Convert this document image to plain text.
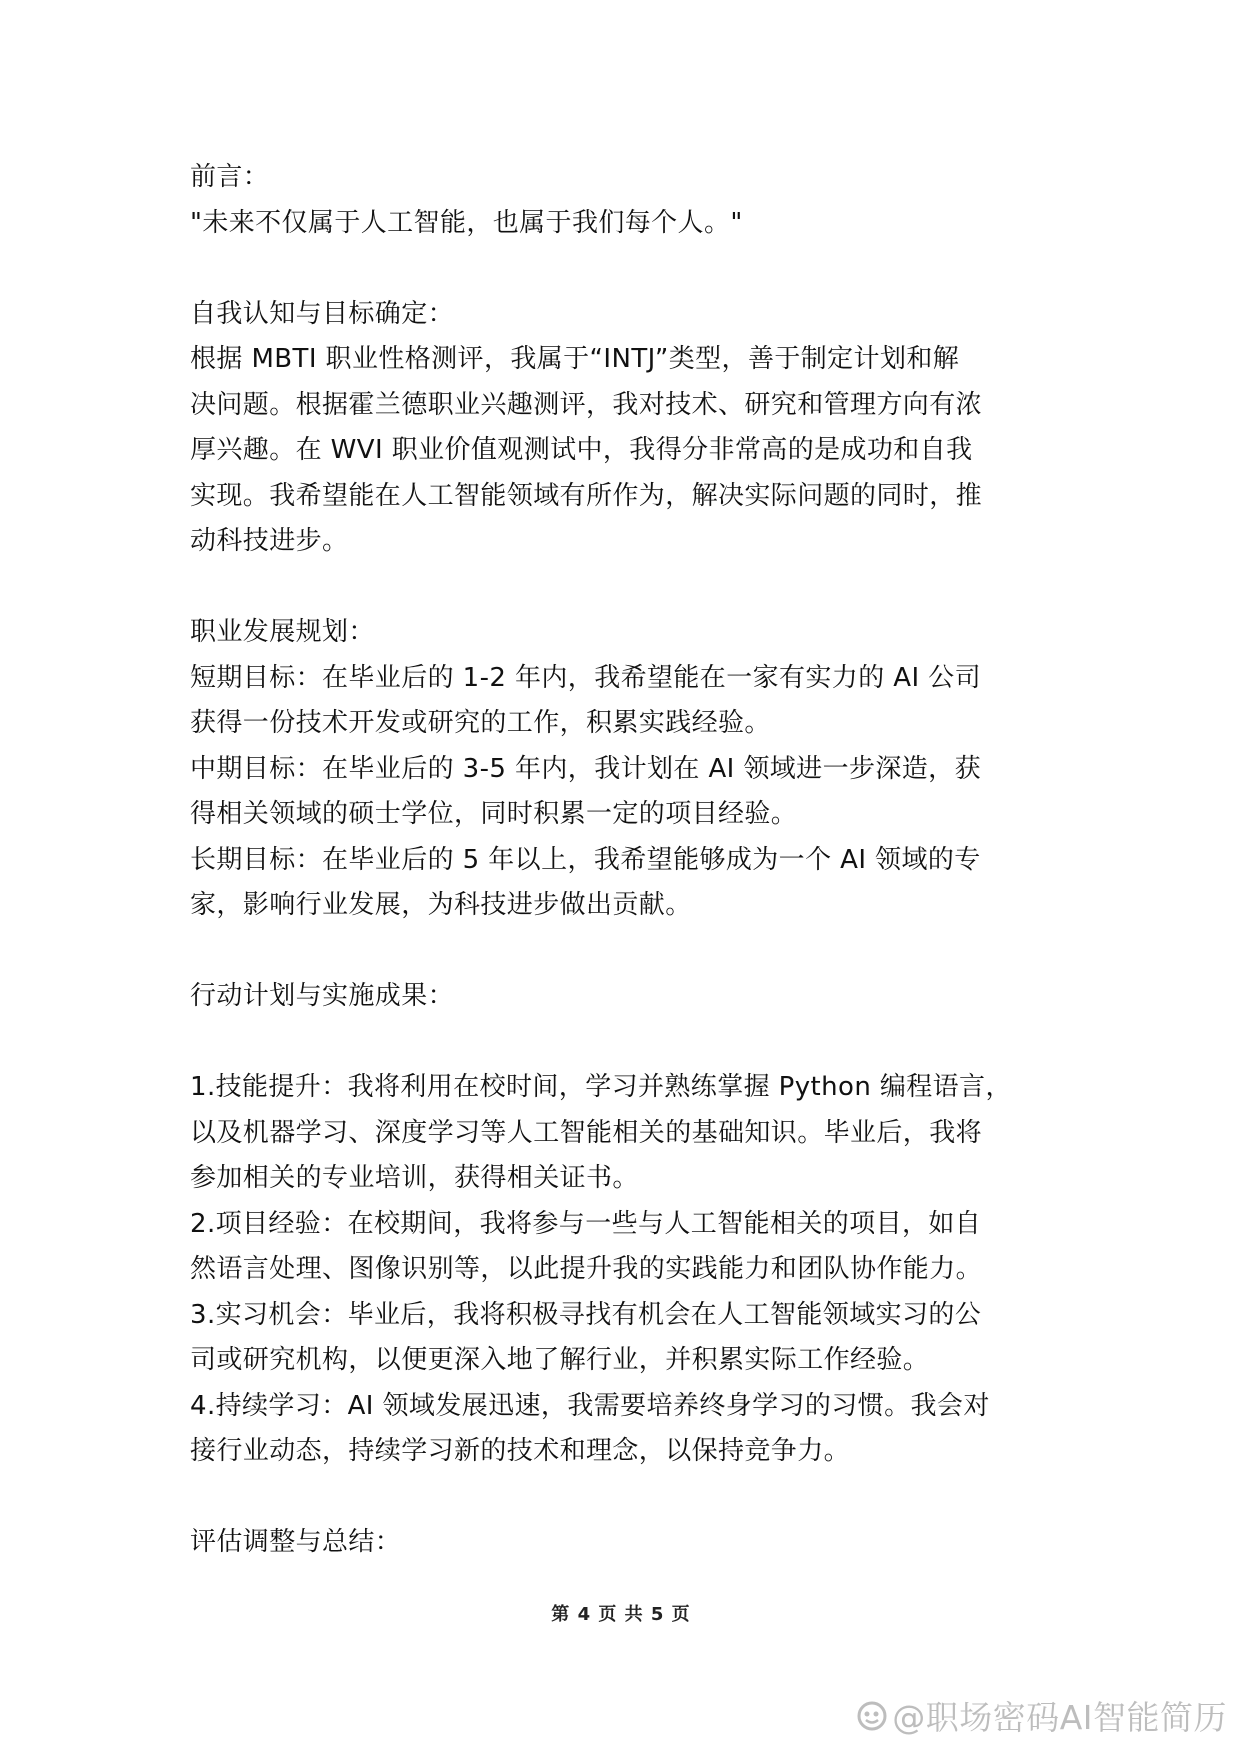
前言：
"未来不仅属于人工智能，也属于我们每个人。"
自我认知与目标确定：
根据 MBTI 职业性格测评，我属于“INTJ”类型，善于制定计划和解
决问题。根据霍兰德职业兴趣测评，我对技术、研究和管理方向有浓
厚兴趣。在 WVI 职业价值观测试中，我得分非常高的是成功和自我
实现。我希望能在人工智能领域有所作为，解决实际问题的同时，推
动科技进步。
职业发展规划：
短期目标：在毕业后的 1-2 年内，我希望能在一家有实力的 AI 公司
获得一份技术开发或研究的工作，积累实践经验。
中期目标：在毕业后的 3-5 年内，我计划在 AI 领域进一步深造，获
得相关领域的硕士学位，同时积累一定的项目经验。
长期目标：在毕业后的 5 年以上，我希望能够成为一个 AI 领域的专
家，影响行业发展，为科技进步做出贡献。
行动计划与实施成果：
1.技能提升：我将利用在校时间，学习并熟练掌握 Python 编程语言，
以及机器学习、深度学习等人工智能相关的基础知识。毕业后，我将
参加相关的专业培训，获得相关证书。
2.项目经验：在校期间，我将参与一些与人工智能相关的项目，如自
然语言处理、图像识别等，以此提升我的实践能力和团队协作能力。
3.实习机会：毕业后，我将积极寻找有机会在人工智能领域实习的公
司或研究机构，以便更深入地了解行业，并积累实际工作经验。
4.持续学习：AI 领域发展迅速，我需要培养终身学习的习惯。我会对
接行业动态，持续学习新的技术和理念，以保持竞争力。
评估调整与总结：
第 4 页 共 5 页
@职场密码AI智能简历
